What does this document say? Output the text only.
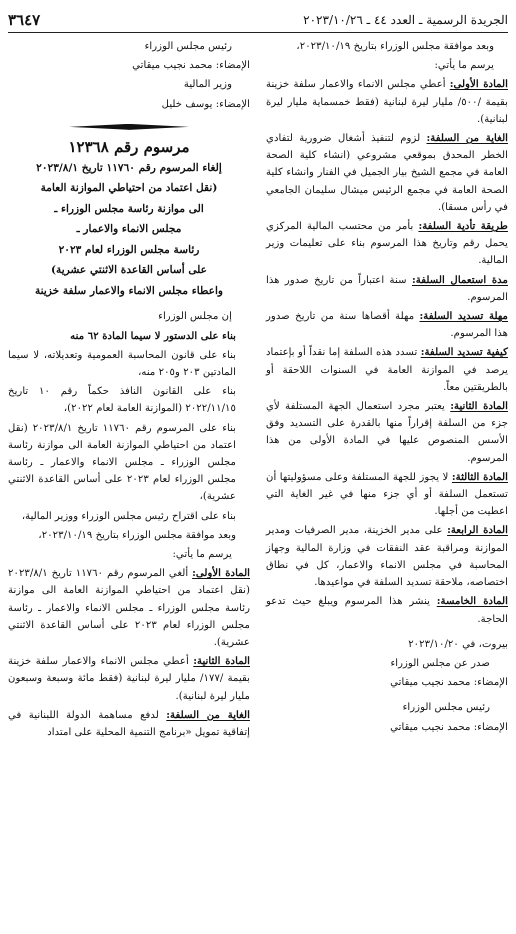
الجريدة الرسمية ـ العدد ٤٤ ـ ٢٠٢٣/١٠/٢٦
٣٦٤٧

وبعد موافقة مجلس الوزراء بتاريخ ٢٠٢٣/١٠/١٩،

يرسم ما يأتي:

المادة الأولى: أعطي مجلس الانماء والاعمار سلفة خزينة بقيمة /٥٠٠/ مليار ليرة لبنانية (فقط خمسماية مليار ليرة لبنانية).

الغاية من السلفة: لزوم لتنفيذ أشغال ضرورية لتفادي الخطر المحدق بموقعي مشروعي (انشاء كلية الصحة العامة في مجمع الشيخ بيار الجميل في الفنار وانشاء كلية الصحة العامة في مجمع الرئيس ميشال سليمان الجامعي في رأس مسقا).

طريقة تأدية السلفة: بأمر من محتسب المالية المركزي يحمل رقم وتاريخ هذا المرسوم بناء على تعليمات وزير المالية.

مدة استعمال السلفة: سنة اعتباراً من تاريخ صدور هذا المرسوم.

مهلة تسديد السلفة: مهلة أقصاها سنة من تاريخ صدور هذا المرسوم.

كيفية تسديد السلفة: تسدد هذه السلفة إما نقداً أو بإعتماد يرصد في الموازنة العامة في السنوات اللاحقة أو بالطريقتين معاً.

المادة الثانية: يعتبر مجرد استعمال الجهة المستلفة لأي جزء من السلفة إقراراً منها بالقدرة على التسديد وفق الأسس المنصوص عليها في المادة الأولى من هذا المرسوم.

المادة الثالثة: لا يجوز للجهة المستلفة وعلى مسؤوليتها أن تستعمل السلفة أو أي جزء منها في غير الغاية التي اعطيت من أجلها.

المادة الرابعة: على مدير الخزينة، مدير الصرفيات ومدير الموازنة ومراقبة عقد النفقات في وزارة المالية وجهاز المحاسبة في مجلس الانماء والاعمار، كل في نطاق اختصاصه، ملاحقة تسديد السلفة في مواعيدها.

المادة الخامسة: ينشر هذا المرسوم ويبلغ حيث تدعو الحاجة.

بيروت، في ٢٠٢٣/١٠/٢٠

صدر عن مجلس الوزراء

الإمضاء: محمد نجيب ميقاتي

رئيس مجلس الوزراء

الإمضاء: محمد نجيب ميقاتي

رئيس مجلس الوزراء

الإمضاء: محمد نجيب ميقاتي

وزير المالية

الإمضاء: يوسف خليل

مرسوم رقم ١٢٣٦٨

إلغاء المرسوم رقم ١١٧٦٠ تاريخ ٢٠٢٣/٨/١

(نقل اعتماد من احتياطي الموازنة العامة

الى موازنة رئاسة مجلس الوزراء ـ

مجلس الانماء والاعمار ـ

رئاسة مجلس الوزراء لعام ٢٠٢٣

على أساس القاعدة الاثنتي عشرية)

واعطاء مجلس الانماء والاعمار سلفة خزينة

إن مجلس الوزراء

بناء على الدستور لا سيما المادة ٦٢ منه

بناء على قانون المحاسبة العمومية وتعديلاته، لا سيما المادتين ٢٠٣ و٢٠٥ منه،

بناء على القانون النافذ حكماً رقم ١٠ تاريخ ٢٠٢٢/١١/١٥ (الموازنة العامة لعام ٢٠٢٢)،

بناء على المرسوم رقم ١١٧٦٠ تاريخ ٢٠٢٣/٨/١ (نقل اعتماد من احتياطي الموازنة العامة الى موازنة رئاسة مجلس الوزراء ـ مجلس الانماء والاعمار ـ رئاسة مجلس الوزراء لعام ٢٠٢٣ على أساس القاعدة الاثنتي عشرية)،

بناء على اقتراح رئيس مجلس الوزراء ووزير المالية،

وبعد موافقة مجلس الوزراء بتاريخ ٢٠٢٣/١٠/١٩،

يرسم ما يأتي:

المادة الأولى: ألغي المرسوم رقم ١١٧٦٠ تاريخ ٢٠٢٣/٨/١ (نقل اعتماد من احتياطي الموازنة العامة الى موازنة رئاسة مجلس الوزراء ـ مجلس الانماء والاعمار ـ رئاسة مجلس الوزراء لعام ٢٠٢٣ على أساس القاعدة الاثنتي عشرية).

المادة الثانية: أعطي مجلس الانماء والاعمار سلفة خزينة بقيمة /١٧٧/ مليار ليرة لبنانية (فقط مائة وسبعة وسبعون مليار ليرة لبنانية).

الغاية من السلفة: لدفع مساهمة الدولة اللبنانية في إتفاقية تمويل «برنامج التنمية المحلية على امتداد
